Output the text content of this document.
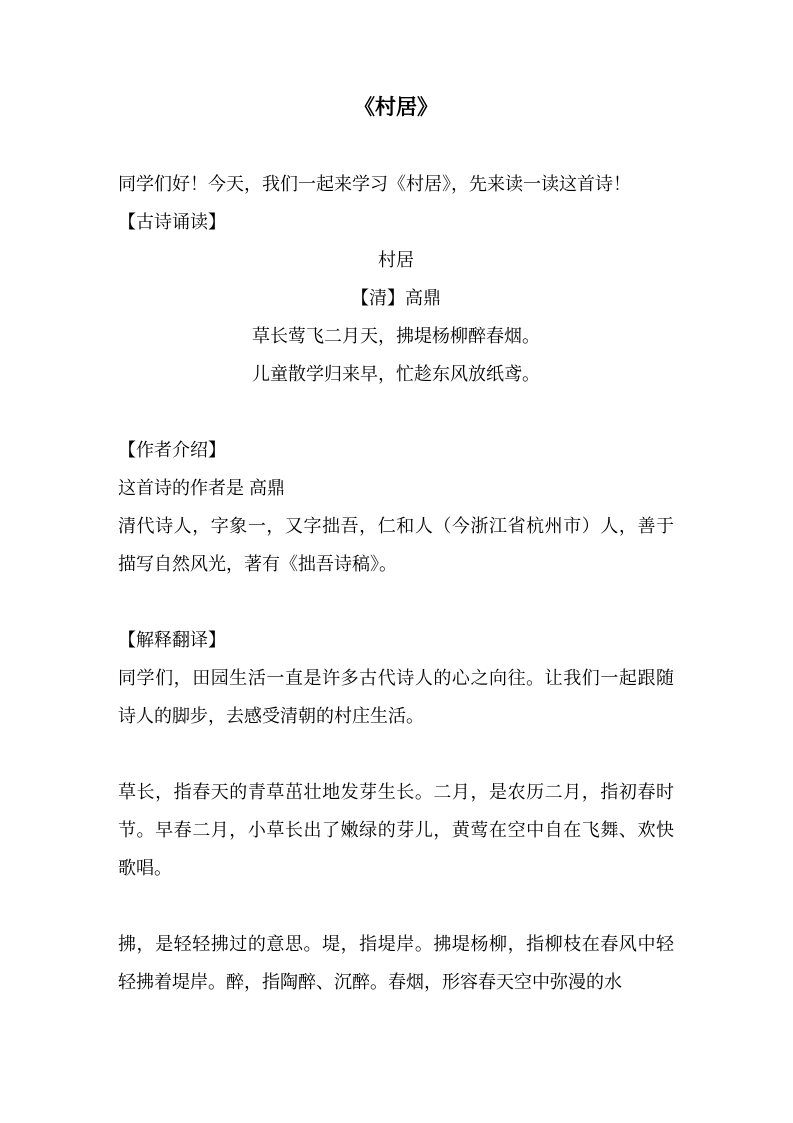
《村居》

同学们好！今天，我们一起来学习《村居》，先来读一读这首诗！

【古诗诵读】

村居

【清】高鼎

草长莺飞二月天，拂堤杨柳醉春烟。

儿童散学归来早，忙趁东风放纸鸢。

【作者介绍】

这首诗的作者是 高鼎

清代诗人，字象一，又字拙吾，仁和人（今浙江省杭州市）人，善于描写自然风光，著有《拙吾诗稿》。

【解释翻译】

同学们，田园生活一直是许多古代诗人的心之向往。让我们一起跟随诗人的脚步，去感受清朝的村庄生活。

草长，指春天的青草茁壮地发芽生长。二月，是农历二月，指初春时节。早春二月，小草长出了嫩绿的芽儿，黄莺在空中自在飞舞、欢快歌唱。

拂，是轻轻拂过的意思。堤，指堤岸。拂堤杨柳，指柳枝在春风中轻轻拂着堤岸。醉，指陶醉、沉醉。春烟，形容春天空中弥漫的水
